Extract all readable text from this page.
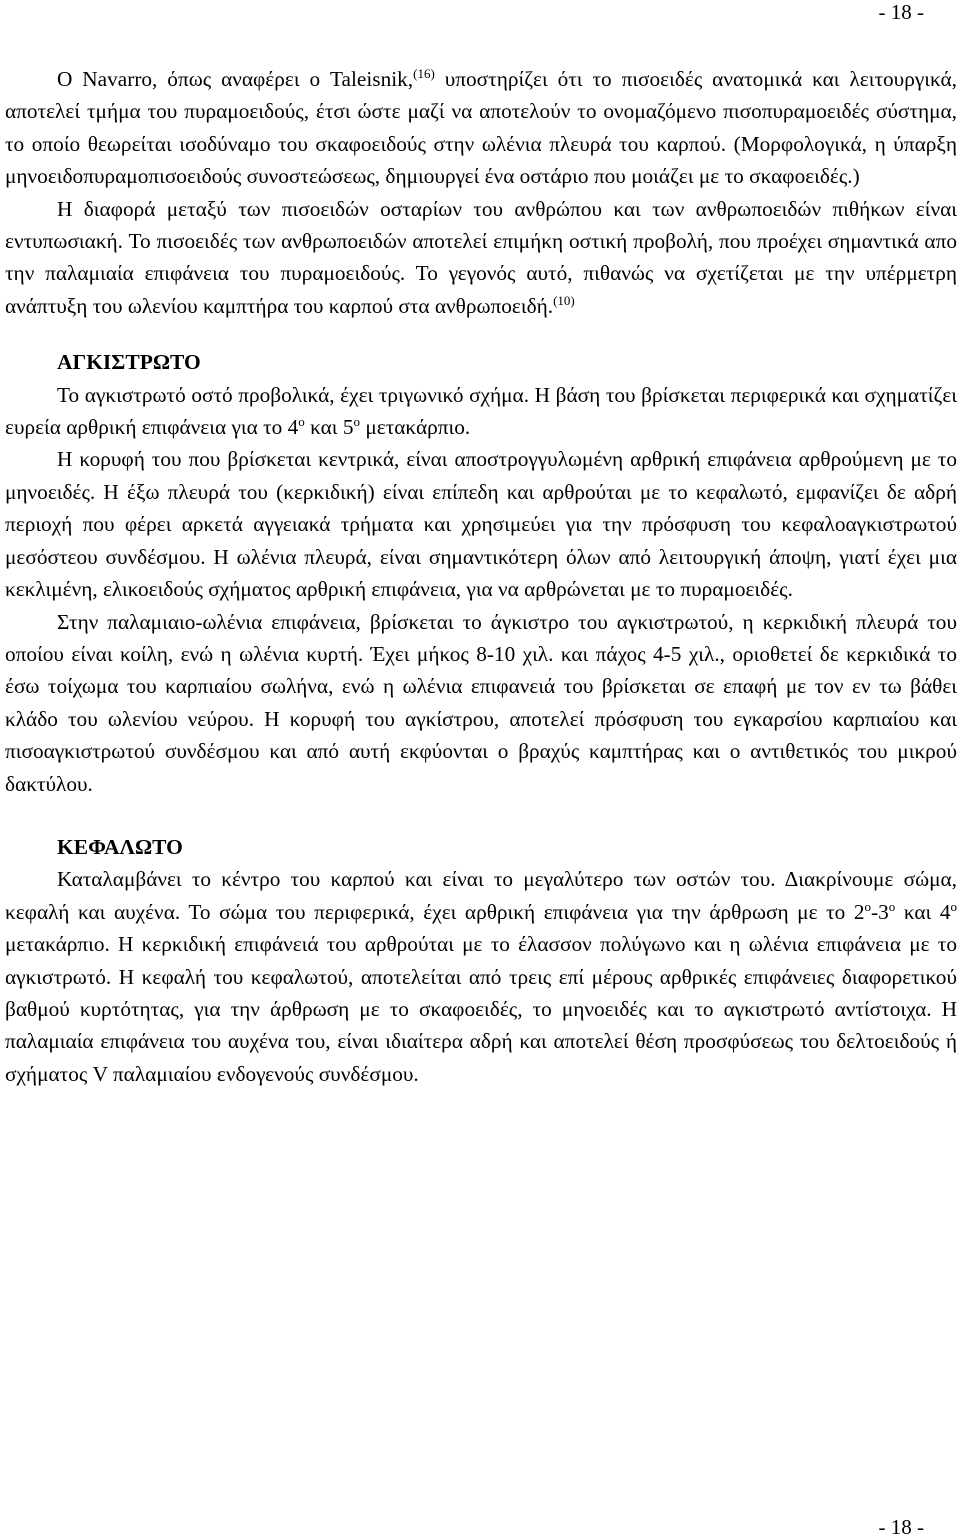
- 18 -

Ο Navarro, όπως αναφέρει ο Taleisnik,$^{(16)}$ υποστηρίζει ότι το πισοειδές ανατομικά και λειτουργικά, αποτελεί τμήμα του πυραμοειδούς, έτσι ώστε μαζί να αποτελούν το ονομαζόμενο πισοπυραμοειδές σύστημα, το οποίο θεωρείται ισοδύναμο του σκαφοειδούς στην ωλένια πλευρά του καρπού. (Μορφολογικά, η ύπαρξη μηνοειδοπυραμοπισοειδούς συνοστεώσεως, δημιουργεί ένα οστάριο που μοιάζει με το σκαφοειδές.)

Η διαφορά μεταξύ των πισοειδών οσταρίων του ανθρώπου και των ανθρωποειδών πιθήκων είναι εντυπωσιακή. Το πισοειδές των ανθρωποειδών αποτελεί επιμήκη οστική προβολή, που προέχει σημαντικά απο την παλαμιαία επιφάνεια του πυραμοειδούς. Το γεγονός αυτό, πιθανώς να σχετίζεται με την υπέρμετρη ανάπτυξη του ωλενίου καμπτήρα του καρπού στα ανθρωποειδή.$^{(10)}$

ΑΓΚΙΣΤΡΩΤΟ

Το αγκιστρωτό οστό προβολικά, έχει τριγωνικό σχήμα. Η βάση του βρίσκεται περιφερικά και σχηματίζει ευρεία αρθρική επιφάνεια για το $4^o$ και $5^o$ μετακάρπιο.

Η κορυφή του που βρίσκεται κεντρικά, είναι αποστρογγυλωμένη αρθρική επιφάνεια αρθρούμενη με το μηνοειδές. Η έξω πλευρά του (κερκιδική) είναι επίπεδη και αρθρούται με το κεφαλωτό, εμφανίζει δε αδρή περιοχή που φέρει αρκετά αγγειακά τρήματα και χρησιμεύει για την πρόσφυση του κεφαλοαγκιστρωτού μεσόστεου συνδέσμου. Η ωλένια πλευρά, είναι σημαντικότερη όλων από λειτουργική άποψη, γιατί έχει μια κεκλιμένη, ελικοειδούς σχήματος αρθρική επιφάνεια, για να αρθρώνεται με το πυραμοειδές.

Στην παλαμιαιο-ωλένια επιφάνεια, βρίσκεται το άγκιστρο του αγκιστρωτού, η κερκιδική πλευρά του οποίου είναι κοίλη, ενώ η ωλένια κυρτή. Έχει μήκος 8-10 χιλ. και πάχος 4-5 χιλ., οριοθετεί δε κερκιδικά το έσω τοίχωμα του καρπιαίου σωλήνα, ενώ η ωλένια επιφανειά του βρίσκεται σε επαφή με τον εν τω βάθει κλάδο του ωλενίου νεύρου. Η κορυφή του αγκίστρου, αποτελεί πρόσφυση του εγκαρσίου καρπιαίου και πισοαγκιστρωτού συνδέσμου και από αυτή εκφύονται ο βραχύς καμπτήρας και ο αντιθετικός του μικρού δακτύλου.

ΚΕΦΑΛΩΤΟ

Καταλαμβάνει το κέντρο του καρπού και είναι το μεγαλύτερο των οστών του. Διακρίνουμε σώμα, κεφαλή και αυχένα. Το σώμα του περιφερικά, έχει αρθρική επιφάνεια για την άρθρωση με το $2^o-3^o$ και $4^o$ μετακάρπιο. Η κερκιδική επιφάνειά του αρθρούται με το έλασσον πολύγωνο και η ωλένια επιφάνεια με το αγκιστρωτό. Η κεφαλή του κεφαλωτού, αποτελείται από τρεις επί μέρους αρθρικές επιφάνειες διαφορετικού βαθμού κυρτότητας, για την άρθρωση με το σκαφοειδές, το μηνοειδές και το αγκιστρωτό αντίστοιχα. Η παλαμιαία επιφάνεια του αυχένα του, είναι ιδιαίτερα αδρή και αποτελεί θέση προσφύσεως του δελτοειδούς ή σχήματος V παλαμιαίου ενδογενούς συνδέσμου.

- 18 -
